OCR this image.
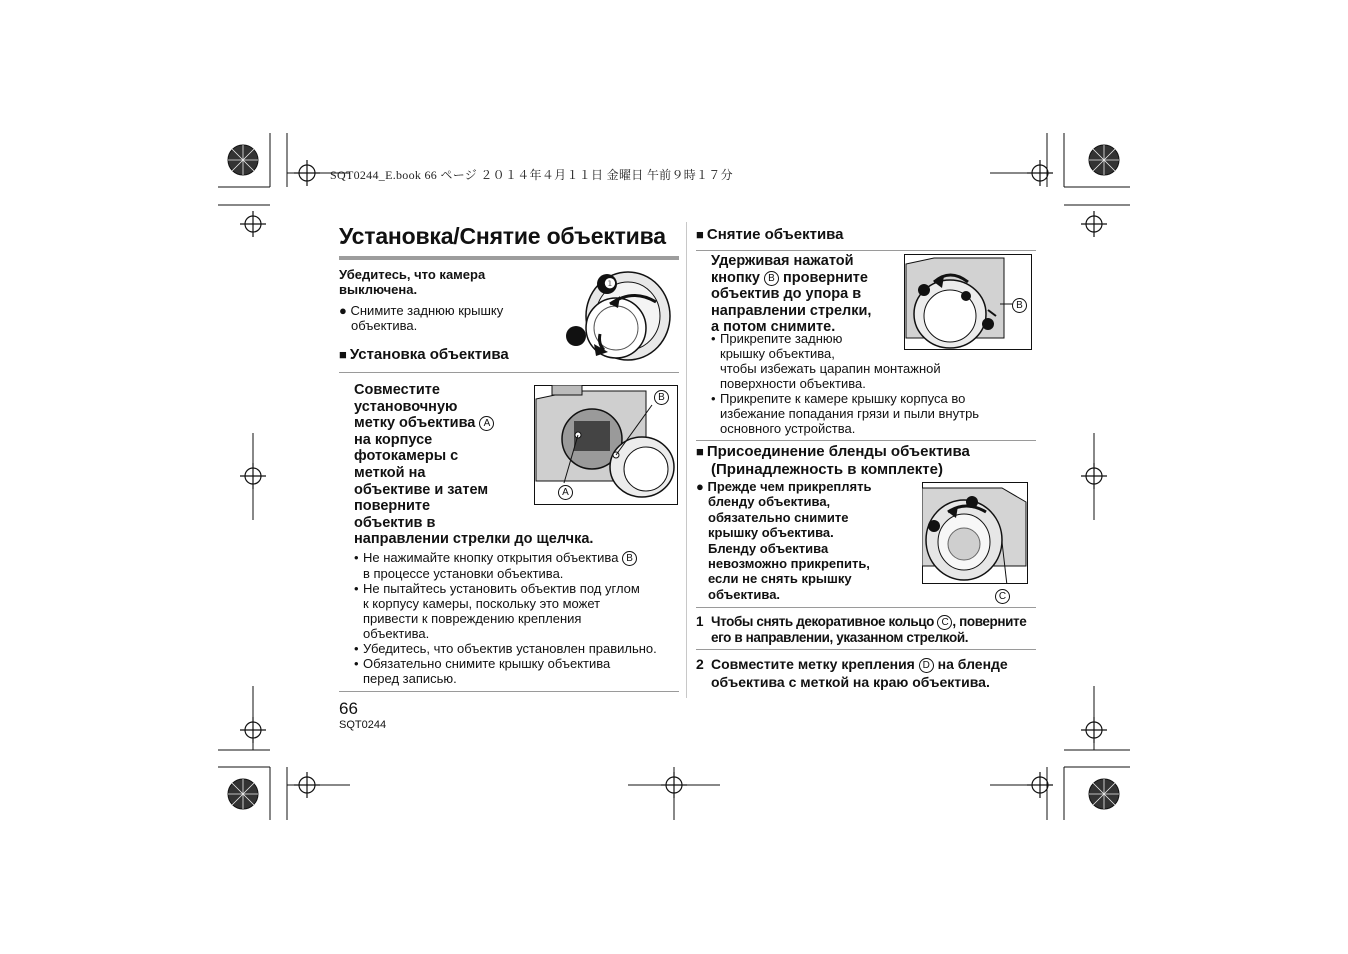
SQT0244_E.book 66 ページ ２０１４年４月１１日 金曜日 午前９時１７分
Установка/Снятие объектива
Убедитесь, что камера
выключена.
● Снимите заднюю крышку
объектива.
❶
■ Установка объектива
Совместите
установочную
метку объектива A
на корпусе
фотокамеры с
меткой на
объективе и затем
поверните
объектив в
направлении стрелки до щелчка.
B
A
• Не нажимайте кнопку открытия объектива B
в процессе установки объектива.
• Не пытайтесь установить объектив под углом
к корпусу камеры, поскольку это может
привести к повреждению крепления
объектива.
• Убедитесь, что объектив установлен правильно.
• Обязательно снимите крышку объектива
перед записью.
66
SQT0244
■ Снятие объектива
Удерживая нажатой
кнопку B проверните
объектив до упора в
направлении стрелки,
а потом снимите.
B
• Прикрепите заднюю
крышку объектива,
чтобы избежать царапин монтажной
поверхности объектива.
• Прикрепите к камере крышку корпуса во
избежание попадания грязи и пыли внутрь
основного устройства.
■ Присоединение бленды объектива
(Принадлежность в комплекте)
● Прежде чем прикреплять
бленду объектива,
обязательно снимите
крышку объектива.
Бленду объектива
невозможно прикрепить,
если не снять крышку
объектива.	C
1 Чтобы снять декоративное кольцо C , поверните
его в направлении, указанном стрелкой.
2 Совместите метку крепления D на бленде
объектива с меткой на краю объектива.
